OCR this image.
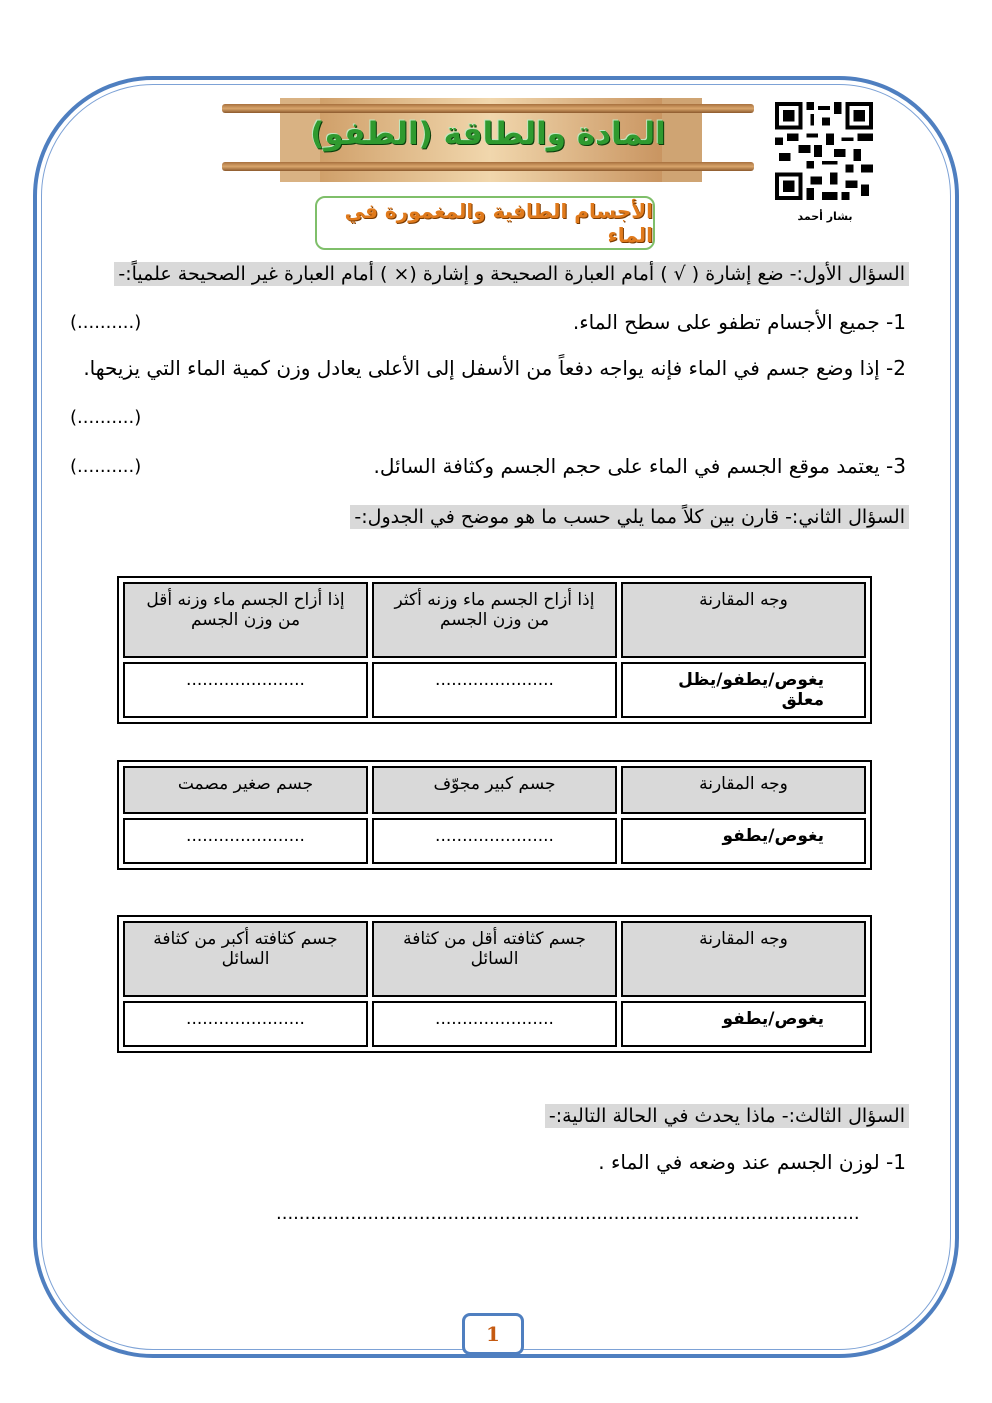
المادة والطاقة (الطفو)
بشار أحمد
الأجسام الطافية والمغمورة في الماء
السؤال الأول:- ضع إشارة ( √ ) أمام العبارة الصحيحة و إشارة (× ) أمام العبارة غير الصحيحة علمياً:-
1- جميع الأجسام تطفو على سطح الماء.
(..........)
2- إذا وضع جسم في الماء فإنه يواجه دفعاً من الأسفل إلى الأعلى يعادل وزن كمية الماء التي يزيحها.
(..........)
3- يعتمد موقع الجسم في الماء على حجم الجسم وكثافة السائل.
(..........)
السؤال الثاني:- قارن بين كلاً مما يلي حسب ما هو موضح في الجدول:-
وجه المقارنة	إذا أزاح الجسم ماء وزنه أكثر من وزن الجسم	إذا أزاح الجسم ماء وزنه أقل من وزن الجسم
يغوص/يطفو/يظل معلق	......................	......................
وجه المقارنة	جسم كبير مجوّف	جسم صغير مصمت
يغوص/يطفو	......................	......................
وجه المقارنة	جسم كثافته أقل من كثافة السائل	جسم كثافته أكبر من كثافة السائل
يغوص/يطفو	......................	......................
السؤال الثالث:- ماذا يحدث في الحالة التالية:-
1- لوزن الجسم عند وضعه في الماء .
......................................................................................................
1
